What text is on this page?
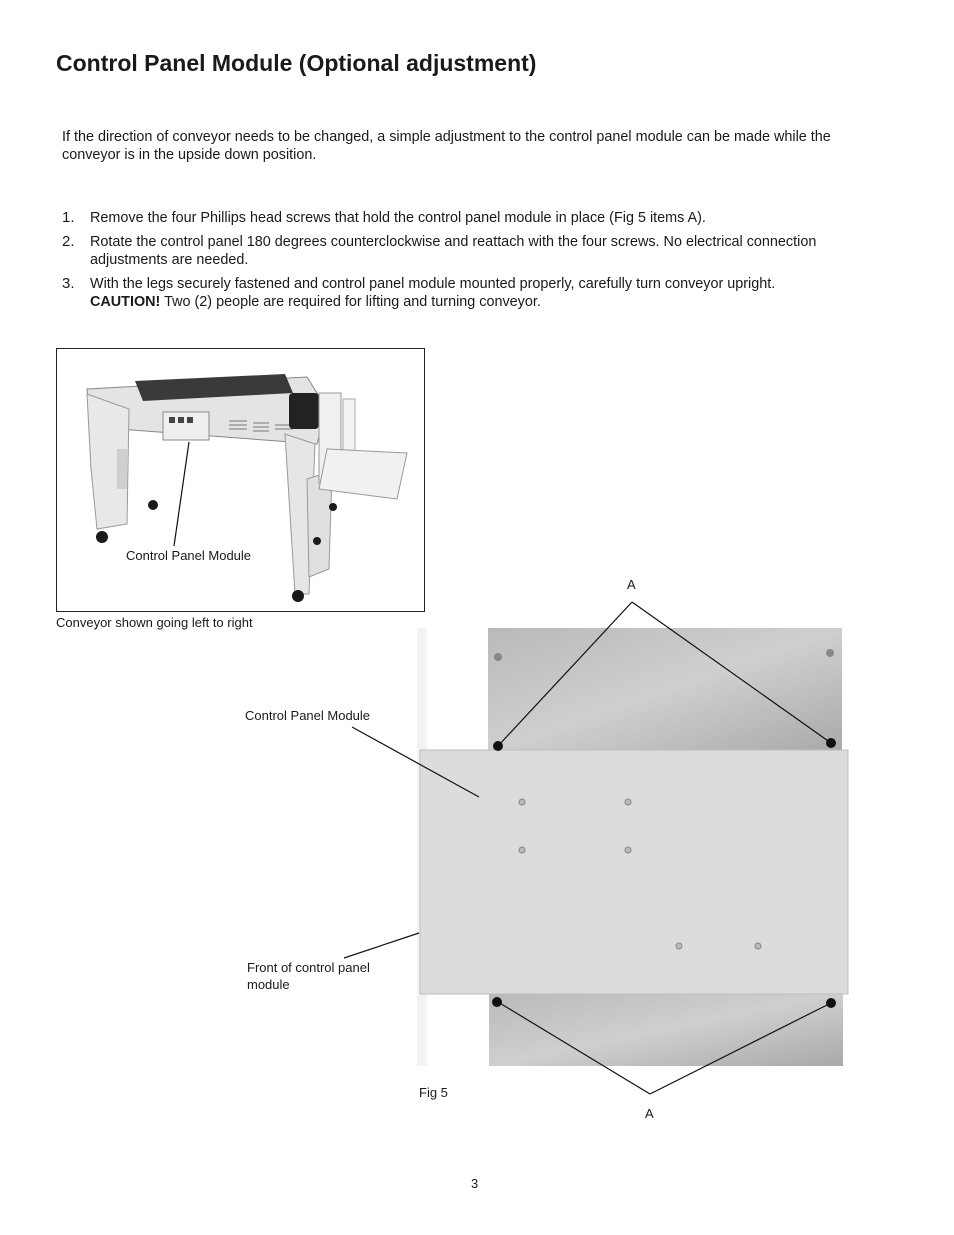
Control Panel Module (Optional adjustment)

If the direction of conveyor needs to be changed, a simple adjustment to the control panel module can be made while the conveyor is in the upside down position.

1. Remove the four Phillips head screws that hold the control panel module in place (Fig 5 items A).
2. Rotate the control panel 180 degrees counterclockwise and reattach with the four screws. No electrical connection adjustments are needed.
3. With the legs securely fastened and control panel module mounted properly, carefully turn conveyor upright.
CAUTION! Two (2) people are required for lifting and turning conveyor.
Control Panel Module
Conveyor shown going left to right
A
A
Control Panel Module
Front of control panel module
Fig 5
3
